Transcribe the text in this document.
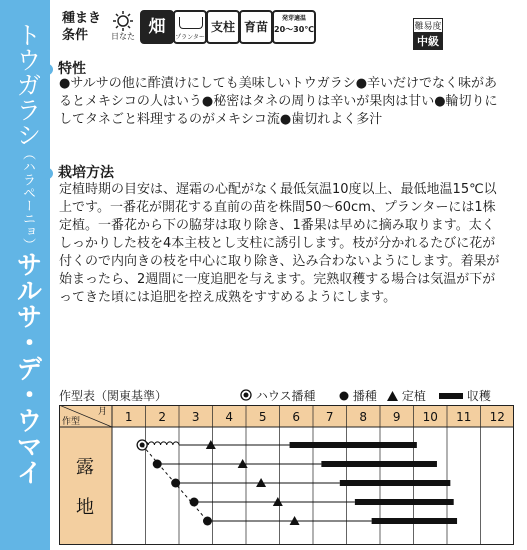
トウガラシ（ハラペーニョ）サルサ・デ・ウマイ
種まき条件	日なた 畑
プランター
支柱 育苗
発芽適温
20〜30℃	難易度
中級
特性
●サルサの他に酢漬けにしても美味しいトウガラシ●辛いだけでなく味があるとメキシコの人はいう●秘密はタネの周りは辛いが果肉は甘い●輪切りにしてタネごと料理するのがメキシコ流●歯切れよく多汁
栽培方法
定植時期の目安は、遅霜の心配がなく最低気温10度以上、最低地温15℃以上です。一番花が開花する直前の苗を株間50〜60cm、プランターには1株定植。一番花から下の脇芽は取り除き、1番果は早めに摘み取ります。太くしっかりした枝を4本主枝とし支柱に誘引します。枝が分かれるたびに花が付くので内向きの枝を中心に取り除き、込み合わないようにします。着果が始まったら、2週間に一度追肥を与えます。完熟収穫する場合は気温が下がってきた頃には追肥を控え成熟をすすめるようにします。
作型表（関東基準）	ハウス播種	播種	定植	収穫
月
作型
露
地
1 2 3 4 5 6 7 8 9 10 11 12
